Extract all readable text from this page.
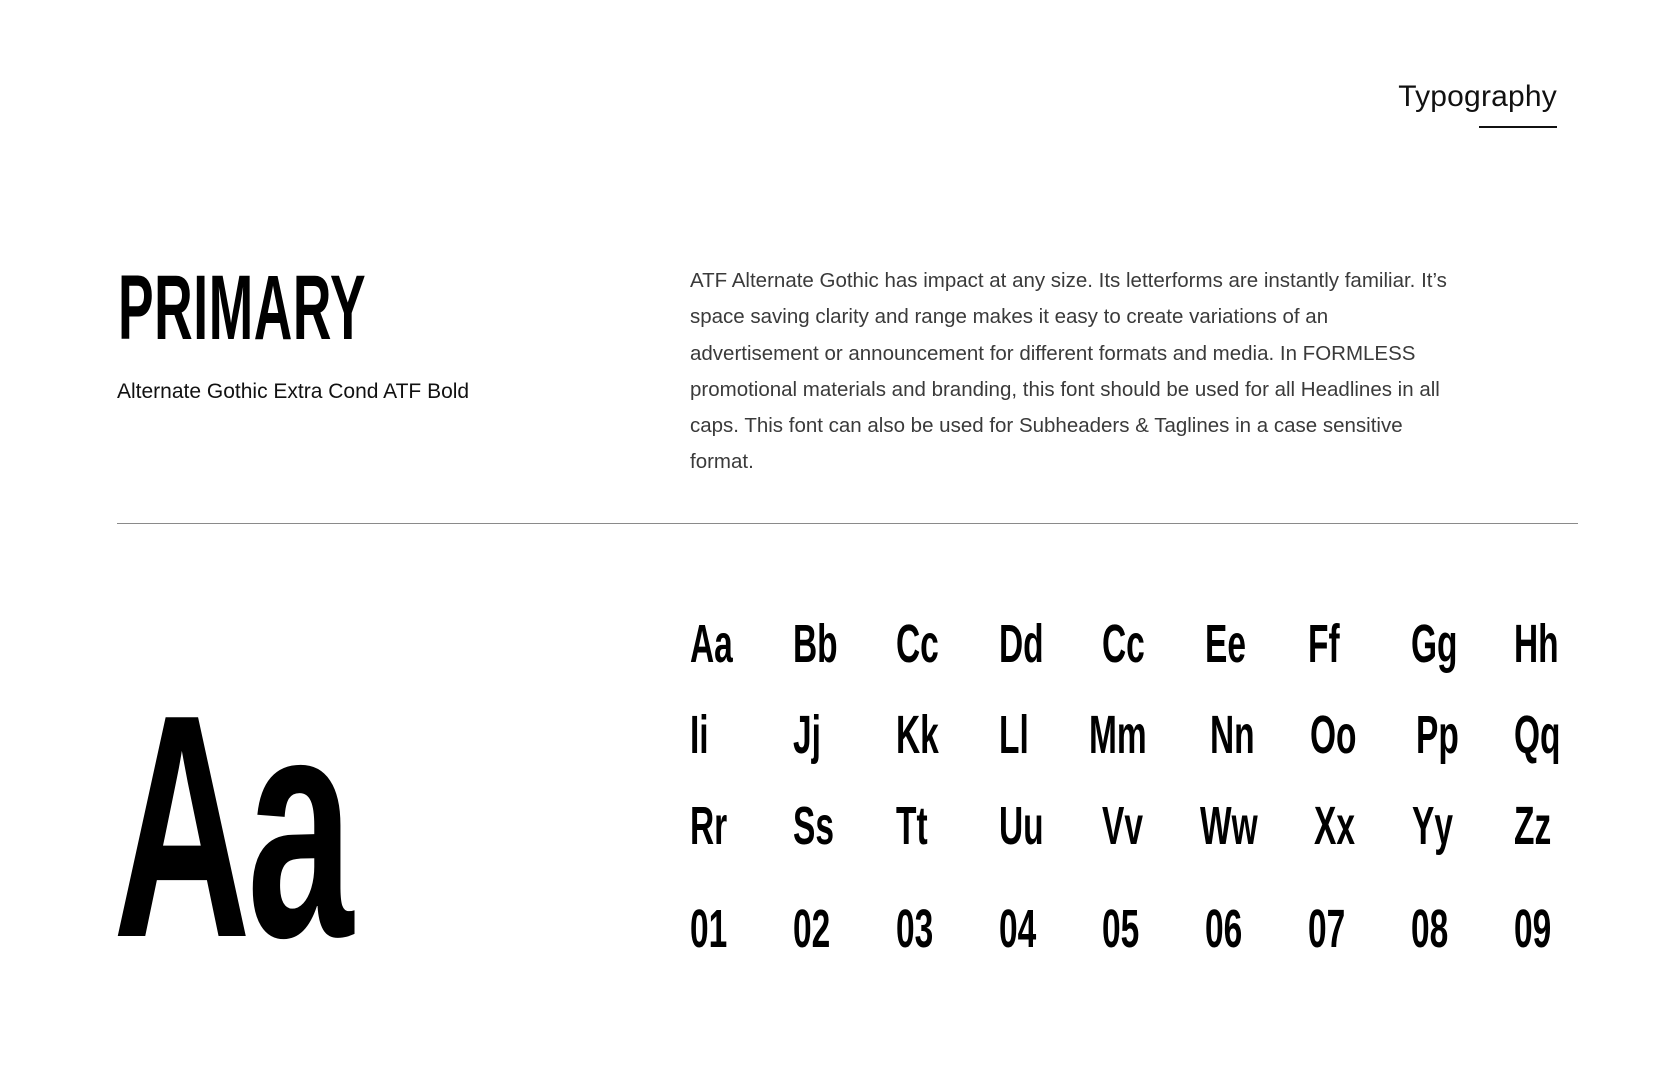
Typography
PRIMARY
Alternate Gothic Extra Cond ATF Bold
ATF Alternate Gothic has impact at any size. Its letterforms are instantly familiar. It’s space saving clarity and range makes it easy to create variations of an advertisement or announcement for different formats and media. In FORMLESS promotional materials and branding, this font should be used for all Headlines in all caps. This font can also be used for Subheaders & Taglines in a case sensitive format.
Aa
Aa	Bb	Cc	Dd	Cc	Ee	Ff	Gg	Hh
Ii	Jj	Kk	Ll	Mm	Nn	Oo	Pp	Qq
Rr	Ss	Tt	Uu	Vv	Ww	Xx	Yy	Zz
01	02	03	04	05	06	07	08	09
